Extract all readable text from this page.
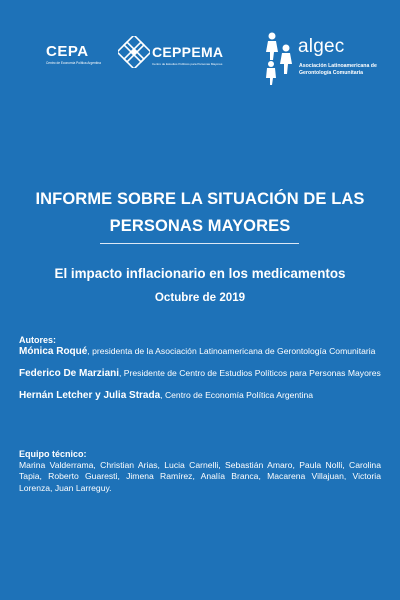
CEPA
Centro de Economía Política Argentina
CEPPEMA
Centro de Estudios Políticos para Personas Mayores
algec
Asociación Latinoamericana de Gerontología Comunitaria
INFORME SOBRE LA SITUACIÓN DE LAS
PERSONAS MAYORES
El impacto inflacionario en los medicamentos
Octubre de 2019
Autores:
Mónica Roqué, presidenta de la Asociación Latinoamericana de Gerontología Comunitaria
Federico De Marziani, Presidente de Centro de Estudios Políticos para Personas Mayores
Hernán Letcher y Julia Strada, Centro de Economía Política Argentina
Equipo técnico:
Marina Valderrama, Christian Arias, Lucia Carnelli, Sebastián Amaro, Paula Nolli, Carolina Tapia, Roberto Guaresti, Jimena Ramírez, Analía Branca, Macarena Villajuan, Victoria Lorenza, Juan Larreguy.
